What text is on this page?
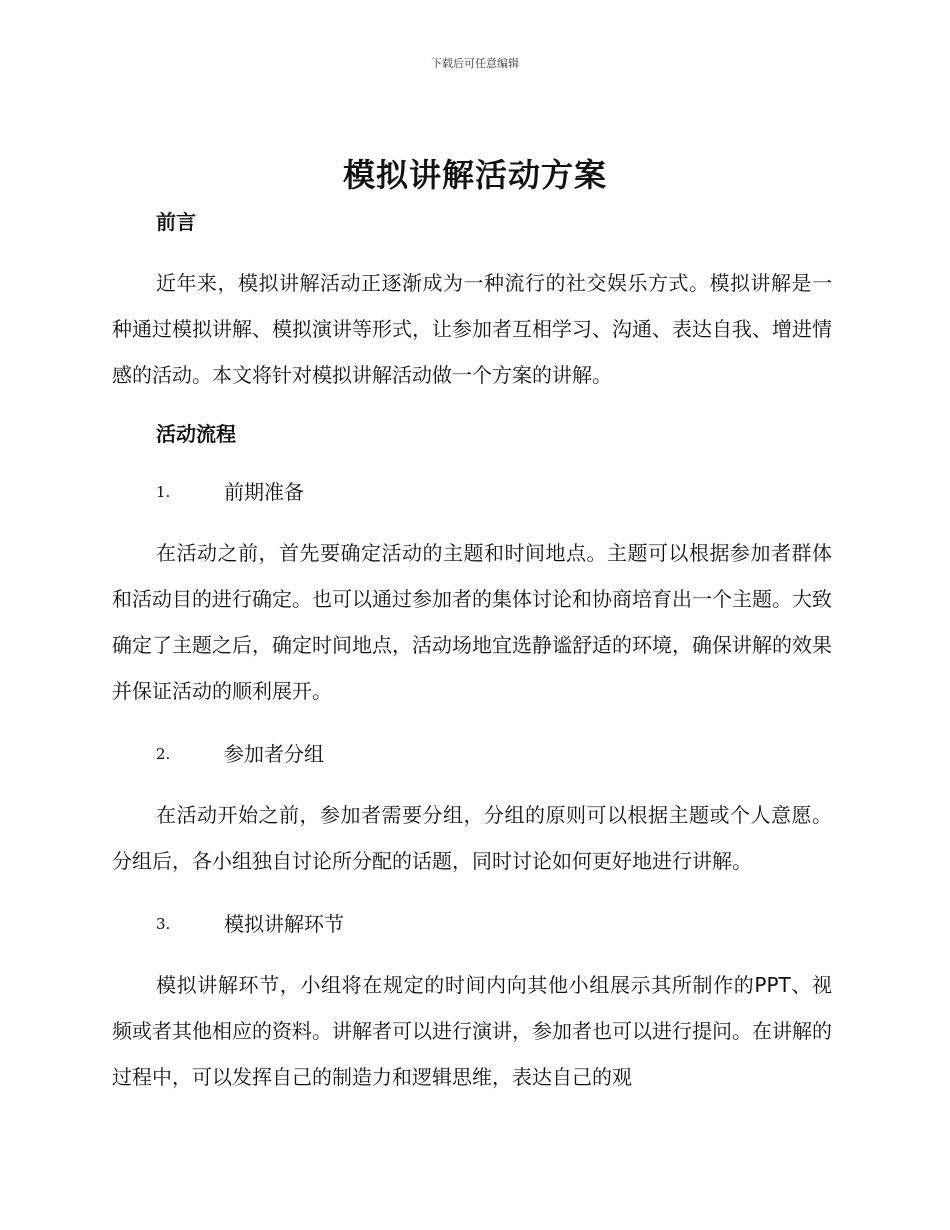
下载后可任意编辑
模拟讲解活动方案

前言

近年来，模拟讲解活动正逐渐成为一种流行的社交娱乐方式。模拟讲解是一种通过模拟讲解、模拟演讲等形式，让参加者互相学习、沟通、表达自我、增进情感的活动。本文将针对模拟讲解活动做一个方案的讲解。

活动流程

1.	前期准备

在活动之前，首先要确定活动的主题和时间地点。主题可以根据参加者群体和活动目的进行确定。也可以通过参加者的集体讨论和协商培育出一个主题。大致确定了主题之后，确定时间地点，活动场地宜选静谧舒适的环境，确保讲解的效果并保证活动的顺利展开。

2.	参加者分组

在活动开始之前，参加者需要分组，分组的原则可以根据主题或个人意愿。分组后，各小组独自讨论所分配的话题，同时讨论如何更好地进行讲解。

3.	模拟讲解环节

模拟讲解环节，小组将在规定的时间内向其他小组展示其所制作的PPT、视频或者其他相应的资料。讲解者可以进行演讲，参加者也可以进行提问。在讲解的过程中，可以发挥自己的制造力和逻辑思维，表达自己的观
